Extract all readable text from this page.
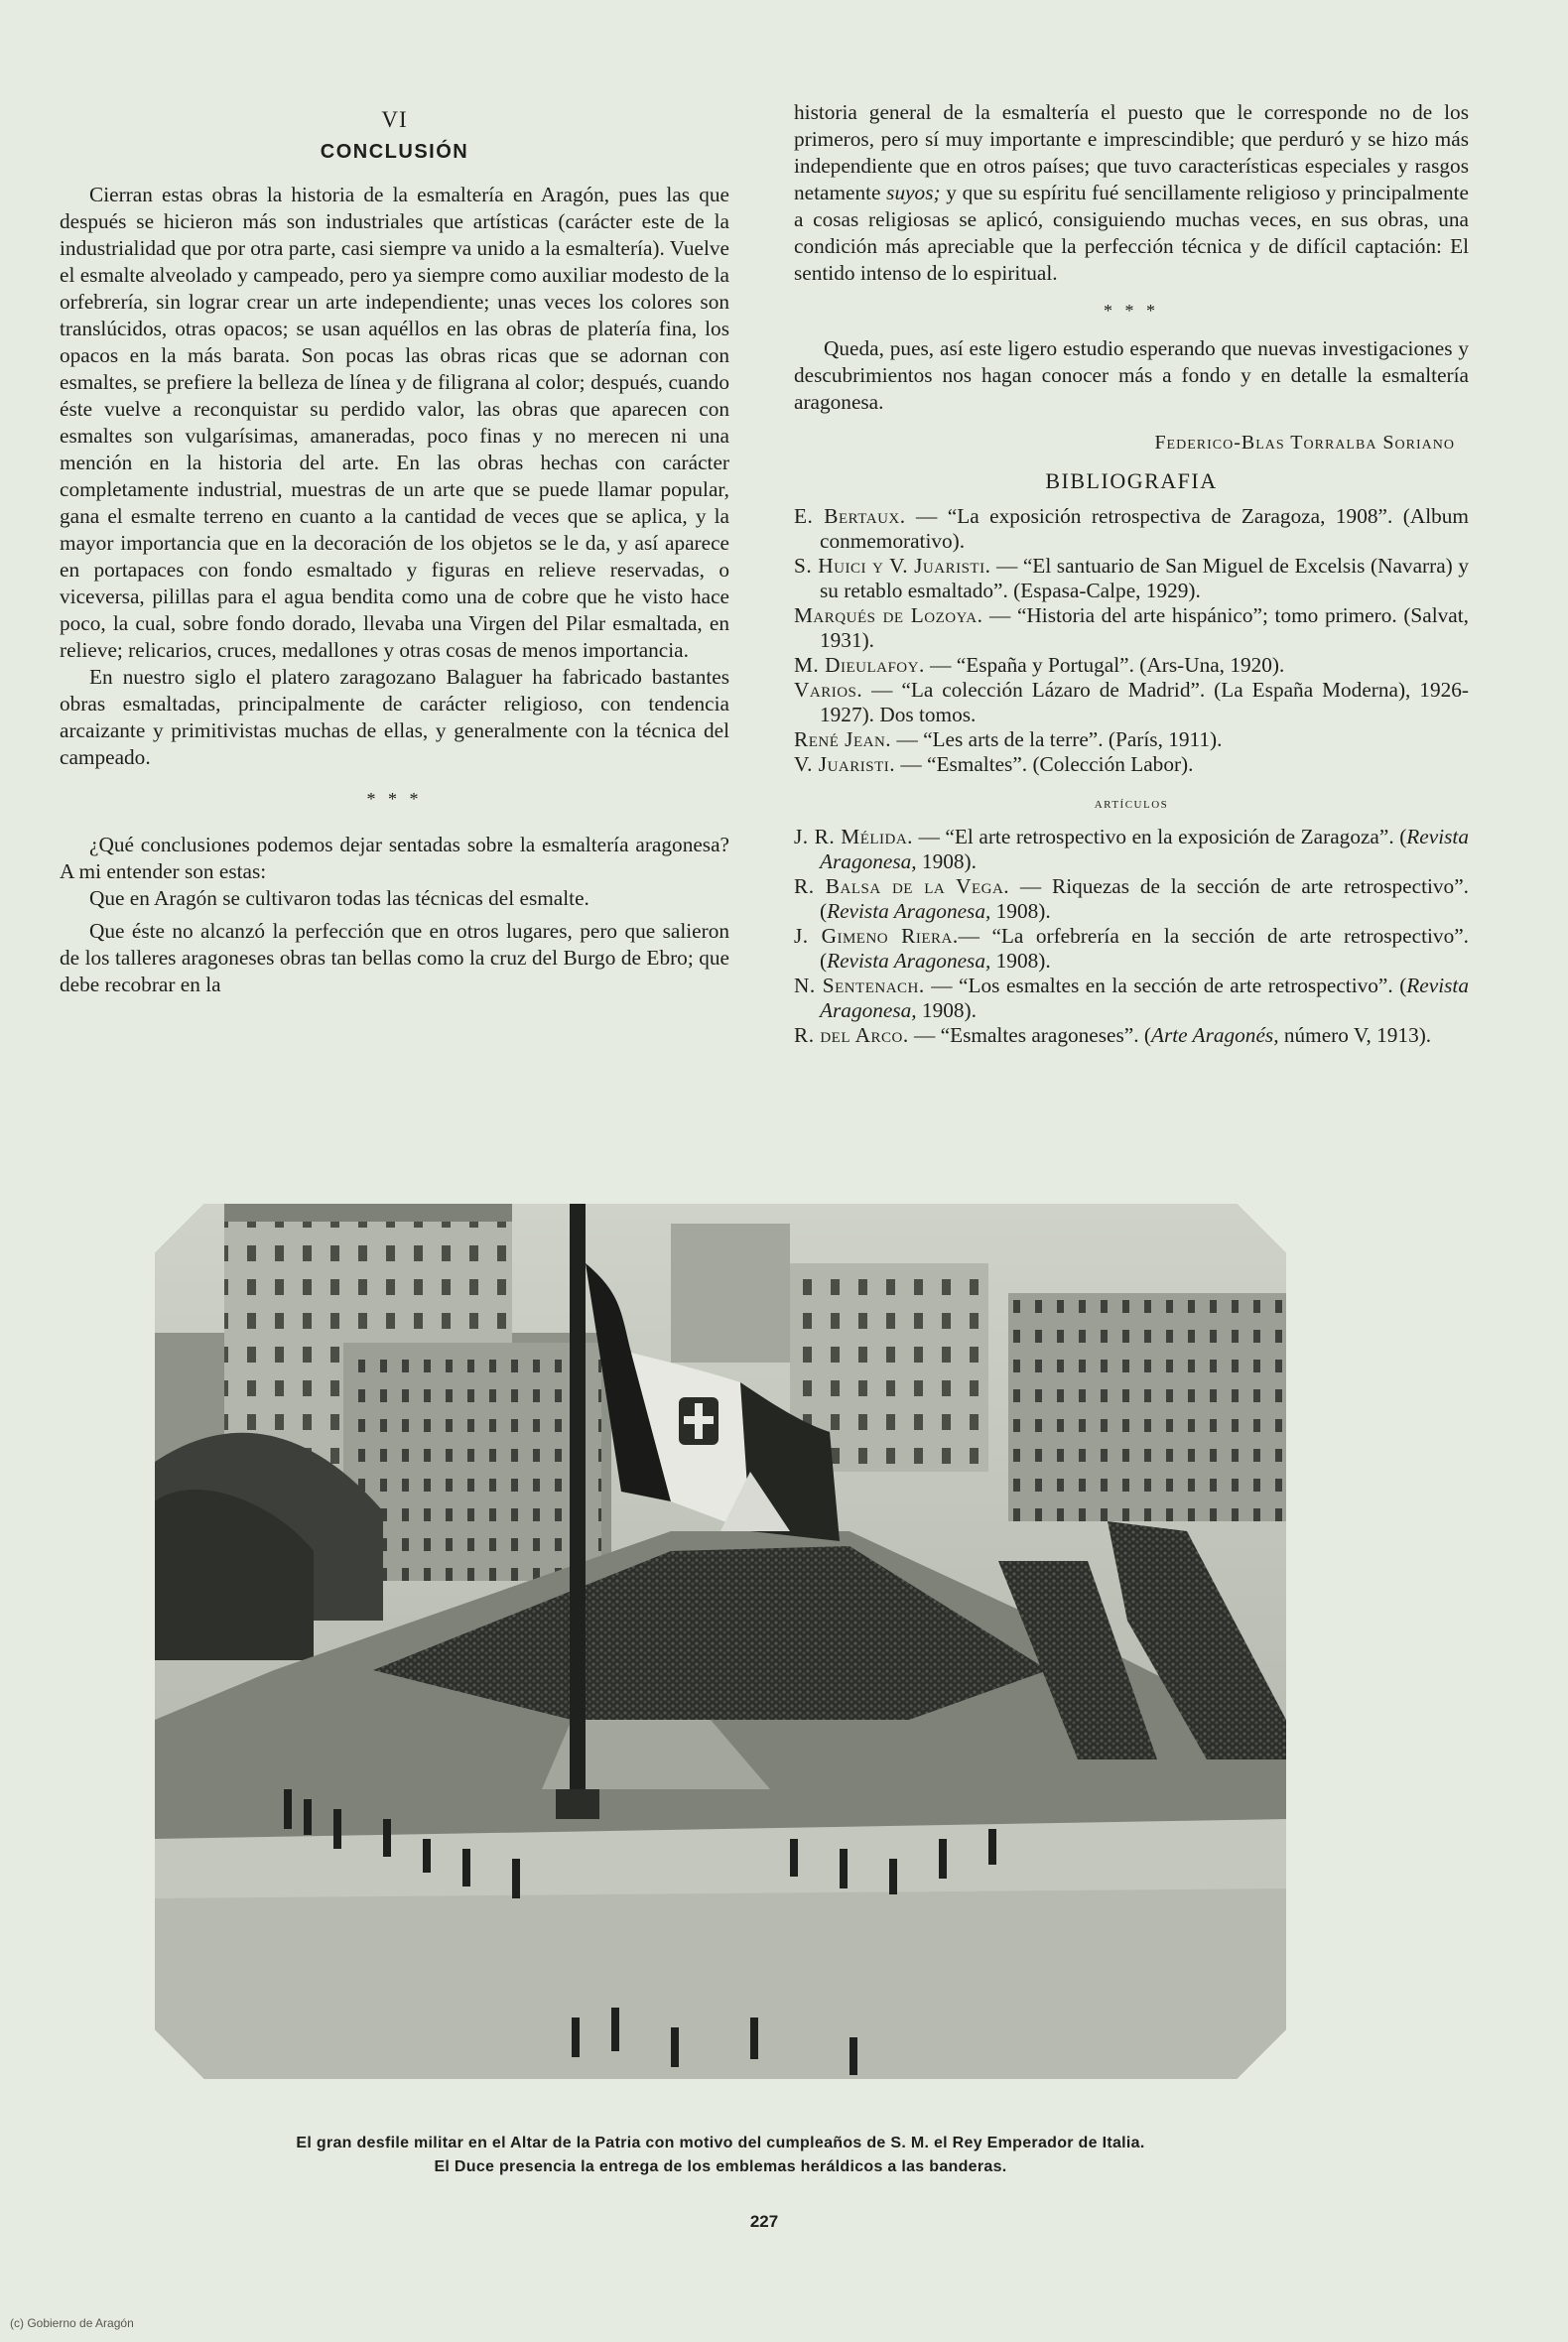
VI
CONCLUSIÓN

Cierran estas obras la historia de la esmaltería en Aragón, pues las que después se hicieron más son industriales que artísticas (carácter este de la industrialidad que por otra parte, casi siempre va unido a la esmaltería). Vuelve el esmalte alveolado y campeado, pero ya siempre como auxiliar modesto de la orfebrería, sin lograr crear un arte independiente; unas veces los colores son translúcidos, otras opacos; se usan aquéllos en las obras de platería fina, los opacos en la más barata. Son pocas las obras ricas que se adornan con esmaltes, se prefiere la belleza de línea y de filigrana al color; después, cuando éste vuelve a reconquistar su perdido valor, las obras que aparecen con esmaltes son vulgarísimas, amaneradas, poco finas y no merecen ni una mención en la historia del arte. En las obras hechas con carácter completamente industrial, muestras de un arte que se puede llamar popular, gana el esmalte terreno en cuanto a la cantidad de veces que se aplica, y la mayor importancia que en la decoración de los objetos se le da, y así aparece en portapaces con fondo esmaltado y figuras en relieve reservadas, o viceversa, pilillas para el agua bendita como una de cobre que he visto hace poco, la cual, sobre fondo dorado, llevaba una Virgen del Pilar esmaltada, en relieve; relicarios, cruces, medallones y otras cosas de menos importancia.

En nuestro siglo el platero zaragozano Balaguer ha fabricado bastantes obras esmaltadas, principalmente de carácter religioso, con tendencia arcaizante y primitivistas muchas de ellas, y generalmente con la técnica del campeado.

* * *

¿Qué conclusiones podemos dejar sentadas sobre la esmaltería aragonesa? A mi entender son estas:

Que en Aragón se cultivaron todas las técnicas del esmalte.

Que éste no alcanzó la perfección que en otros lugares, pero que salieron de los talleres aragoneses obras tan bellas como la cruz del Burgo de Ebro; que debe recobrar en la

historia general de la esmaltería el puesto que le corresponde no de los primeros, pero sí muy importante e imprescindible; que perduró y se hizo más independiente que en otros países; que tuvo características especiales y rasgos netamente suyos; y que su espíritu fué sencillamente religioso y principalmente a cosas religiosas se aplicó, consiguiendo muchas veces, en sus obras, una condición más apreciable que la perfección técnica y de difícil captación: El sentido intenso de lo espiritual.

* * *

Queda, pues, así este ligero estudio esperando que nuevas investigaciones y descubrimientos nos hagan conocer más a fondo y en detalle la esmaltería aragonesa.

Federico-Blas Torralba Soriano
BIBLIOGRAFIA

E. Bertaux. — “La exposición retrospectiva de Zaragoza, 1908”. (Album conmemorativo).

S. Huici y V. Juaristi. — “El santuario de San Miguel de Excelsis (Navarra) y su retablo esmaltado”. (Espasa-Calpe, 1929).

Marqués de Lozoya. — “Historia del arte hispánico”; tomo primero. (Salvat, 1931).

M. Dieulafoy. — “España y Portugal”. (Ars-Una, 1920).

Varios. — “La colección Lázaro de Madrid”. (La España Moderna), 1926-1927). Dos tomos.

René Jean. — “Les arts de la terre”. (París, 1911).

V. Juaristi. — “Esmaltes”. (Colección Labor).

artículos

J. R. Mélida. — “El arte retrospectivo en la exposición de Zaragoza”. (Revista Aragonesa, 1908).

R. Balsa de la Vega. — Riquezas de la sección de arte retrospectivo”. (Revista Aragonesa, 1908).

J. Gimeno Riera.— “La orfebrería en la sección de arte retrospectivo”. (Revista Aragonesa, 1908).

N. Sentenach. — “Los esmaltes en la sección de arte retrospectivo”. (Revista Aragonesa, 1908).

R. del Arco. — “Esmaltes aragoneses”. (Arte Aragonés, número V, 1913).

El gran desfile militar en el Altar de la Patria con motivo del cumpleaños de S. M. el Rey Emperador de Italia.
El Duce presencia la entrega de los emblemas heráldicos a las banderas.
227
(c) Gobierno de Aragón
